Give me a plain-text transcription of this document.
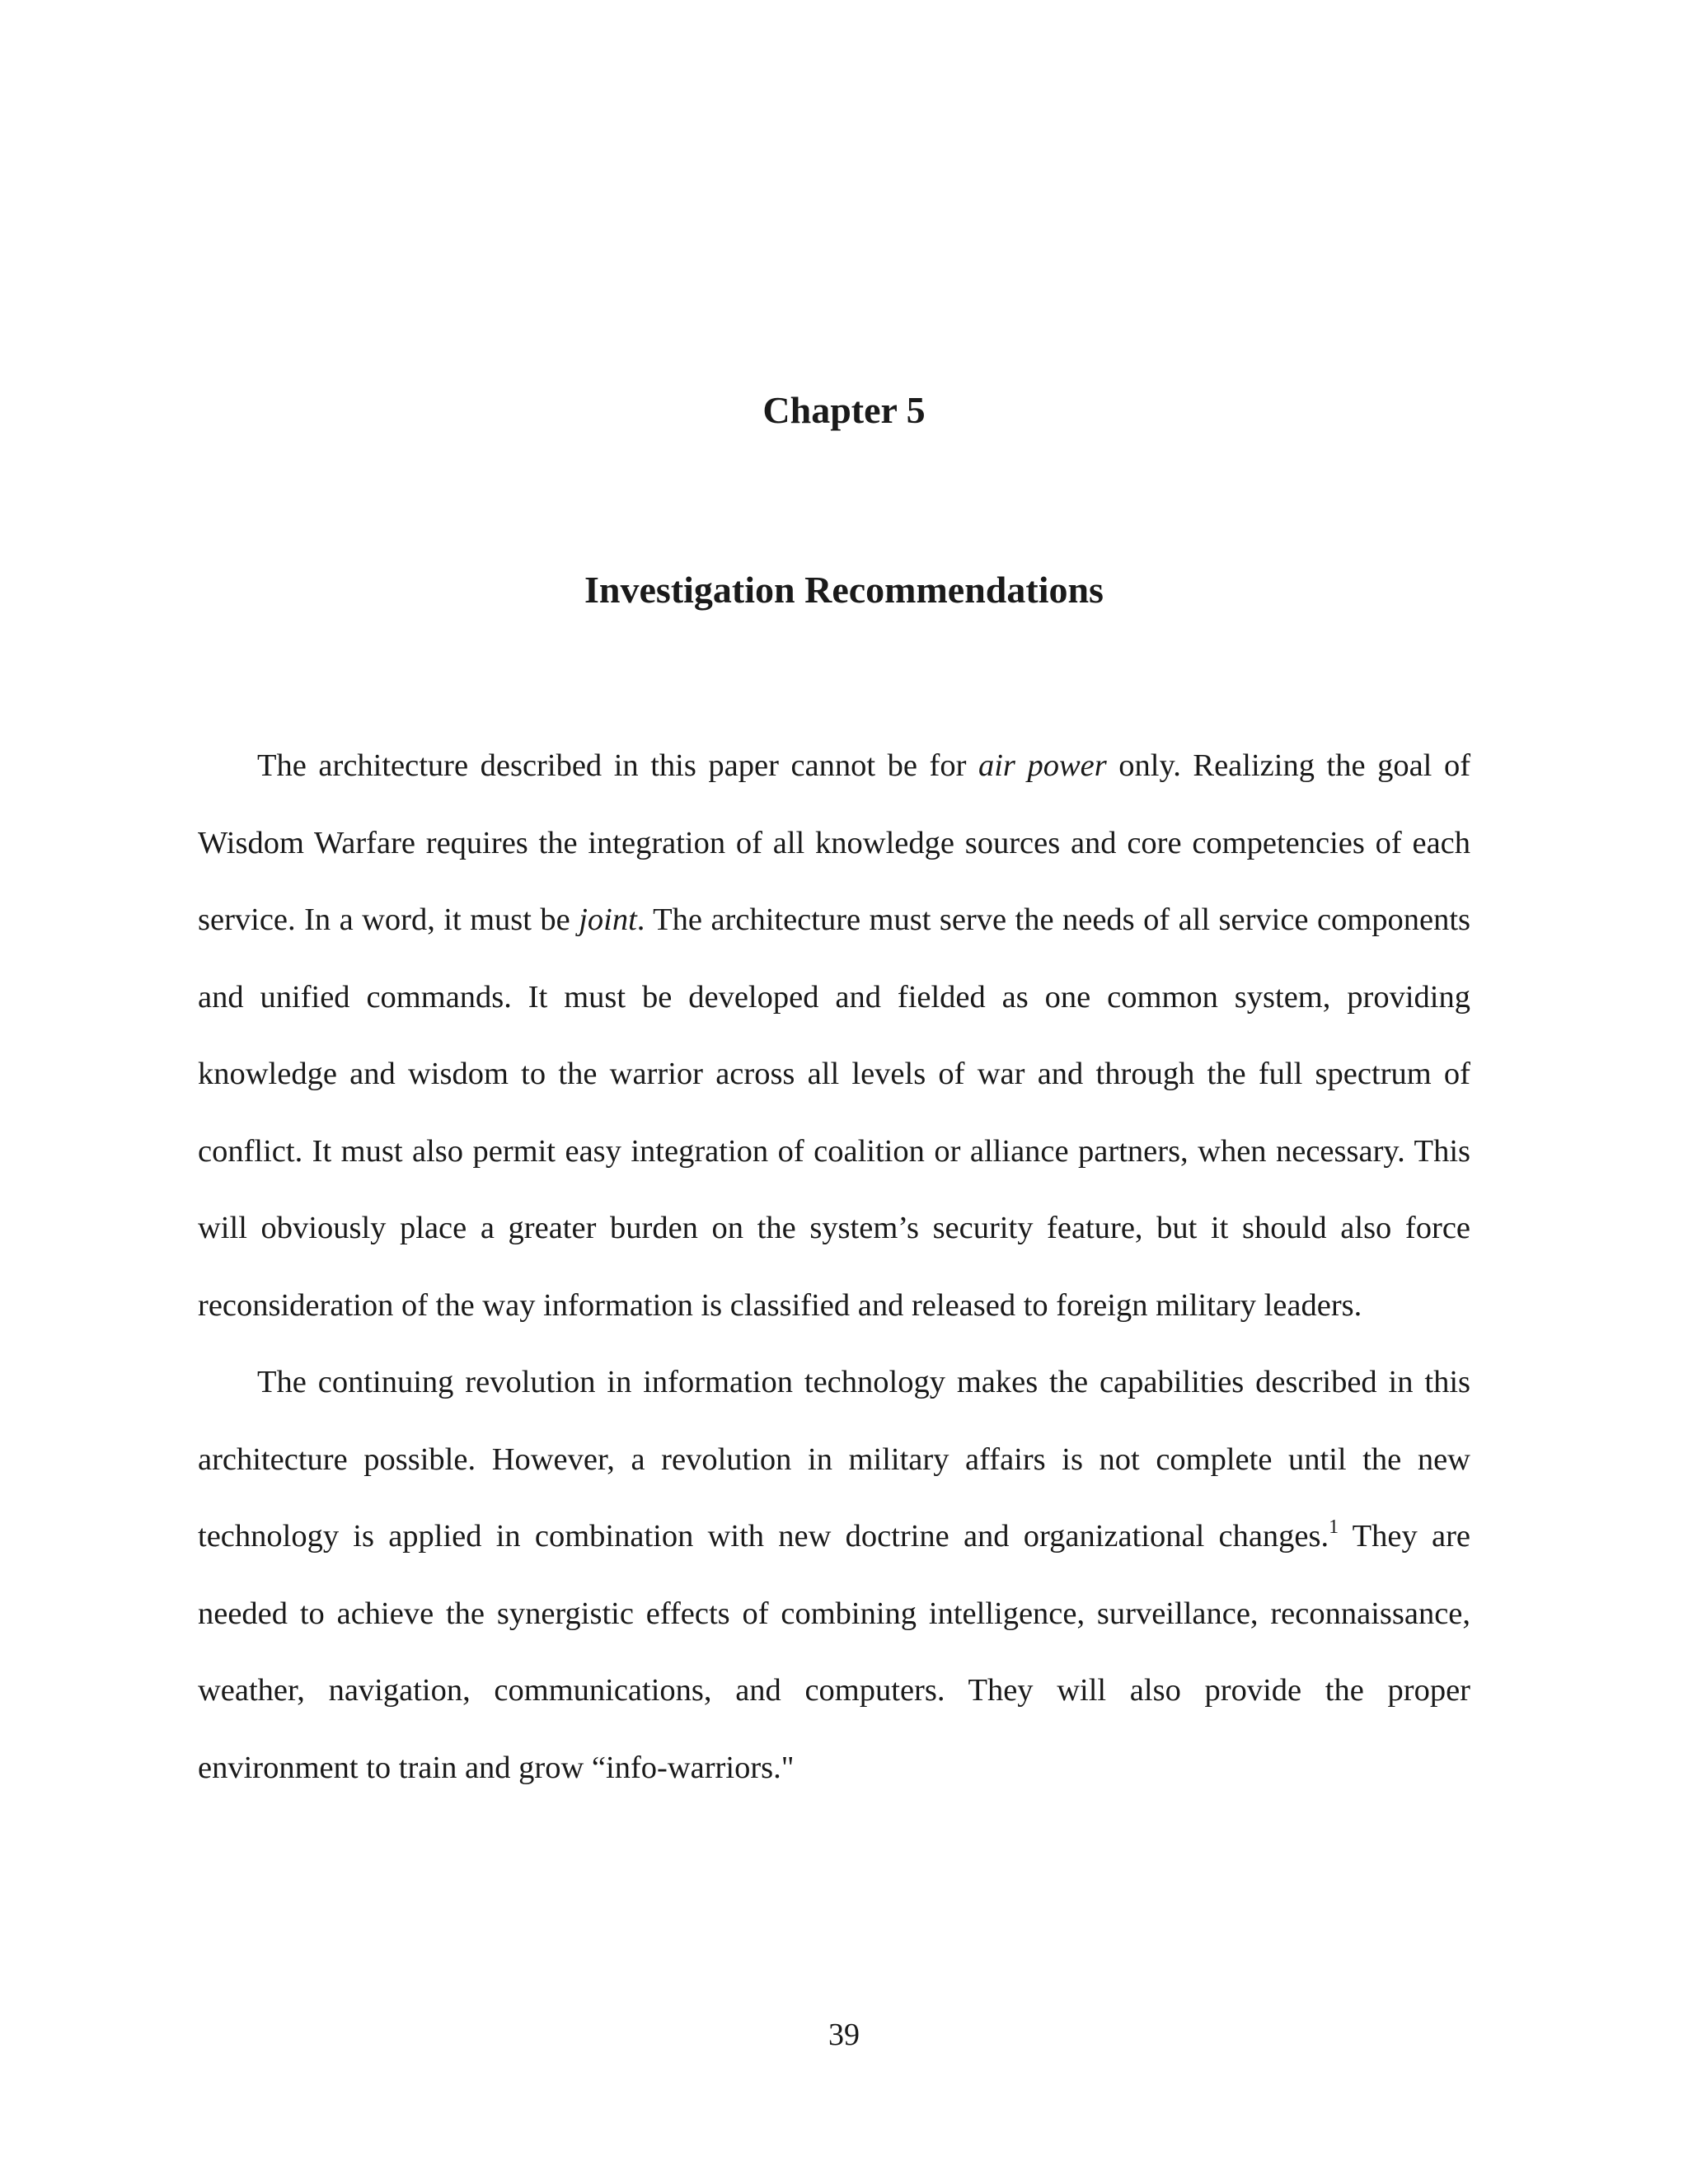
Chapter 5
Investigation Recommendations

The architecture described in this paper cannot be for air power only. Realizing the goal of Wisdom Warfare requires the integration of all knowledge sources and core competencies of each service. In a word, it must be joint. The architecture must serve the needs of all service components and unified commands. It must be developed and fielded as one common system, providing knowledge and wisdom to the warrior across all levels of war and through the full spectrum of conflict. It must also permit easy integration of coalition or alliance partners, when necessary. This will obviously place a greater burden on the system’s security feature, but it should also force reconsideration of the way information is classified and released to foreign military leaders.

The continuing revolution in information technology makes the capabilities described in this architecture possible. However, a revolution in military affairs is not complete until the new technology is applied in combination with new doctrine and organizational changes.$^1$ They are needed to achieve the synergistic effects of combining intelligence, surveillance, reconnaissance, weather, navigation, communications, and computers. They will also provide the proper environment to train and grow “info-warriors."

39
